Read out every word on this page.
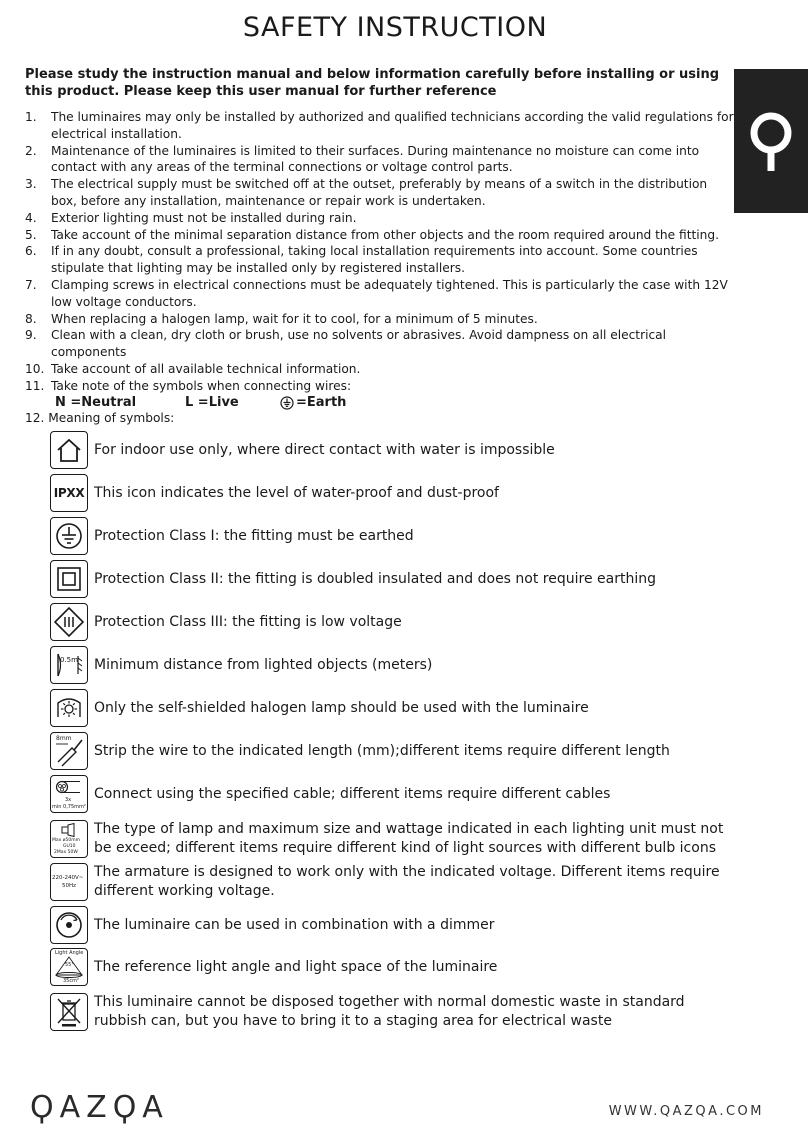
SAFETY INSTRUCTION
Please study the instruction manual and below information carefully before installing or using this product. Please keep this user manual for further reference
1. The luminaires may only be installed by authorized and qualified technicians according the valid regulations for electrical installation.
2. Maintenance of the luminaires is limited to their surfaces. During maintenance no moisture can come into contact with any areas of the terminal connections or voltage control parts.
3. The electrical supply must be switched off at the outset, preferably by means of a switch in the distribution box, before any installation, maintenance or repair work is undertaken.
4. Exterior lighting must not be installed during rain.
5. Take account of the minimal separation distance from other objects and the room required around the fitting.
6. If in any doubt, consult a professional, taking local installation requirements into account. Some countries stipulate that lighting may be installed only by registered installers.
7. Clamping screws in electrical connections must be adequately tightened. This is particularly the case with 12V low voltage conductors.
8. When replacing a halogen lamp, wait for it to cool, for a minimum of 5 minutes.
9. Clean with a clean, dry cloth or brush, use no solvents or abrasives. Avoid dampness on all electrical components
10. Take account of all available technical information.
11. Take note of the symbols when connecting wires:
N =Neutral	L =Live	=Earth
12. Meaning of symbols:
For indoor use only, where direct contact with water is impossible
IPXX This icon indicates the level of water-proof and dust-proof
Protection Class I: the fitting must be earthed
Protection Class II: the fitting is doubled insulated and does not require earthing
Protection Class III: the fitting is low voltage
0.5m Minimum distance from lighted objects (meters)
Only the self-shielded halogen lamp should be used with the luminaire
8mm
Strip the wire to the indicated length (mm);different items require different length
3x
min 0,75mm²
Connect using the specified cable; different items require different cables
Max ø50mm
GU10
2Max 50W
The type of lamp and maximum size and wattage indicated in each lighting unit must not be exceed; different items require different kind of light sources with different bulb icons
220-240V~
50Hz
The armature is designed to work only with the indicated voltage. Different items require different working voltage.
The luminaire can be used in combination with a dimmer
Light Angle
55°
35cm²
The reference light angle and light space of the luminaire
This luminaire cannot be disposed together with normal domestic waste in standard rubbish can, but you have to bring it to a staging area for electrical waste
ϘAZϘA	WWW.QAZQA.COM
